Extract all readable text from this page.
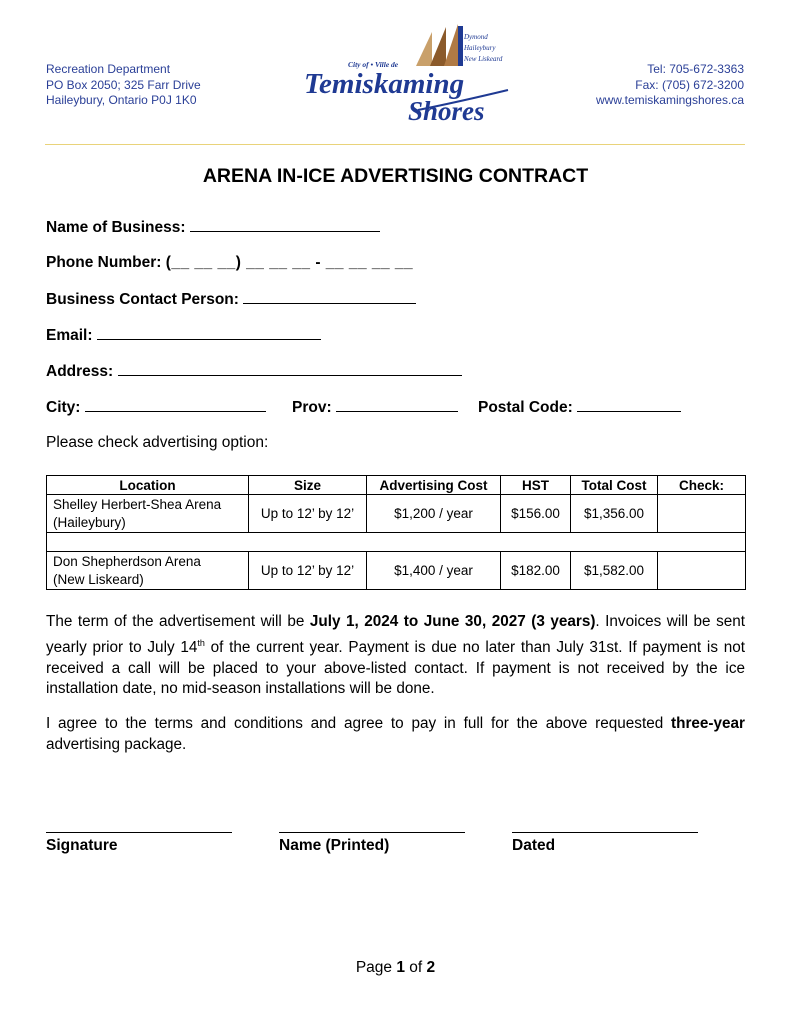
Recreation Department
PO Box 2050; 325 Farr Drive
Haileybury, Ontario P0J 1K0
City of • Ville de
Temiskaming
Shores
Dymond
Haileybury
New Liskeard
Tel: 705-672-3363
Fax: (705) 672-3200
www.temiskamingshores.ca
ARENA IN-ICE ADVERTISING CONTRACT
Name of Business:
Phone Number: (__ __ __) __ __ __ - __ __ __ __
Business Contact Person:
Email:
Address:
City:	Prov:	Postal Code:
Please check advertising option:
Location	Size	Advertising Cost	HST	Total Cost	Check:

Shelley Herbert-Shea Arena
(Haileybury)	Up to 12’ by 12’	$1,200 / year	$156.00	$1,356.00	

Don Shepherdson Arena
(New Liskeard)	Up to 12’ by 12’	$1,400 / year	$182.00	$1,582.00	
The term of the advertisement will be July 1, 2024 to June 30, 2027 (3 years). Invoices will be sent yearly prior to July 14th of the current year. Payment is due no later than July 31st. If payment is not received a call will be placed to your above-listed contact. If payment is not received by the ice installation date, no mid-season installations will be done.
I agree to the terms and conditions and agree to pay in full for the above requested three-year advertising package.
Signature	Name (Printed)	Dated
Page 1 of 2
